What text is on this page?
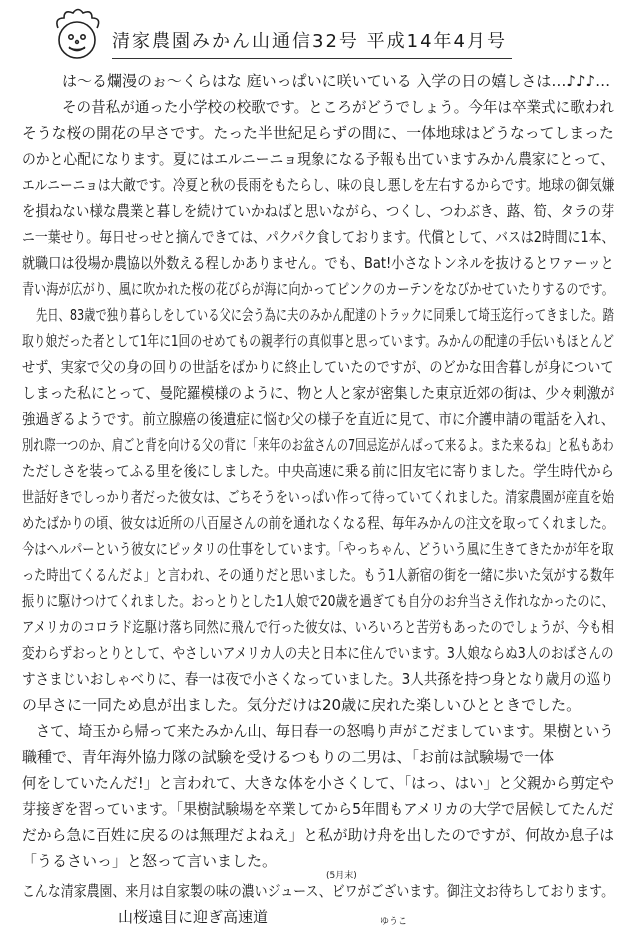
清家農園みかん山通信32号 平成14年4月号
は～る爛漫のぉ～くらはな 庭いっぱいに咲いている 入学の日の嬉しさは…♪♪♪…
その昔私が通った小学校の校歌です。ところがどうでしょう。今年は卒業式に歌われ
そうな桜の開花の早さです。たった半世紀足らずの間に、一体地球はどうなってしまった
のかと心配になります。夏にはエルニーニョ現象になる予報も出ていますみかん農家にとって、
エルニーニョは大敵です。冷夏と秋の長雨をもたらし、味の良し悪しを左右するからです。地球の御気嫌
を損ねない様な農業と暮しを続けていかねばと思いながら、つくし、つわぶき、蕗、筍、タラの芽
ニ一葉せり。毎日せっせと摘んできては、パクパク食しております。代償として、バスは2時間に1本、
就職口は役場か農協以外数える程しかありません。でも、Bat!小さなトンネルを抜けるとワァーッと
青い海が広がり、風に吹かれた桜の花びらが海に向かってピンクのカーテンをなびかせていたりするのです。
先日、83歳で独り暮らしをしている父に会う為に夫のみかん配達のトラックに同乗して埼玉迄行ってきました。踏
取り娘だった者として1年に1回のせめてもの親孝行の真似事と思っています。みかんの配達の手伝いもほとんど
せず、実家で父の身の回りの世話をばかりに終止していたのですが、のどかな田舎暮しが身について
しまった私にとって、曼陀羅模様のように、物と人と家が密集した東京近郊の街は、少々刺激が
強過ぎるようです。前立腺癌の後遺症に悩む父の様子を直近に見て、市に介護申請の電話を入れ、
別れ際一つのか、肩ごと背を向ける父の背に「来年のお盆さんの7回忌迄がんばって来るよ。また来るね」と私もあわ
ただしさを装ってふる里を後にしました。中央高速に乗る前に旧友宅に寄りました。学生時代から
世話好きでしっかり者だった彼女は、ごちそうをいっぱい作って待っていてくれました。清家農園が産直を始
めたばかりの頃、彼女は近所の八百屋さんの前を通れなくなる程、毎年みかんの注文を取ってくれました。
今はヘルパーという彼女にピッタリの仕事をしています。「やっちゃん、どういう風に生きてきたかが年を取
った時出てくるんだよ」と言われ、その通りだと思いました。もう1人新宿の街を一緒に歩いた気がする数年
振りに駆けつけてくれました。おっとりとした1人娘で20歳を過ぎても自分のお弁当さえ作れなかったのに、
アメリカのコロラド迄駆け落ち同然に飛んで行った彼女は、いろいろと苦労もあったのでしょうが、今も相
変わらずおっとりとして、やさしいアメリカ人の夫と日本に住んでいます。3人娘ならぬ3人のおばさんの
すさまじいおしゃべりに、春一は夜で小さくなっていました。3人共孫を持つ身となり歳月の巡り
の早さに一同ため息が出ました。気分だけは20歳に戻れた楽しいひとときでした。
さて、埼玉から帰って来たみかん山、毎日春一の怒鳴り声がこだましています。果樹という
職種で、青年海外協力隊の試験を受けるつもりの二男は、「お前は試験場で一体
何をしていたんだ!」と言われて、大きな体を小さくして、「はっ、はい」と父親から剪定や
芽接ぎを習っています。「果樹試験場を卒業してから5年間もアメリカの大学で居候してたんだ
だから急に百姓に戻るのは無理だよねえ」と私が助け舟を出したのですが、何故か息子は
「うるさいっ」と怒って言いました。
(5月末)
こんな清家農園、来月は自家製の味の濃いジュース、ビワがございます。御注文お待ちしております。
山桜遠目に迎ぎ高速道	ゆうこ
